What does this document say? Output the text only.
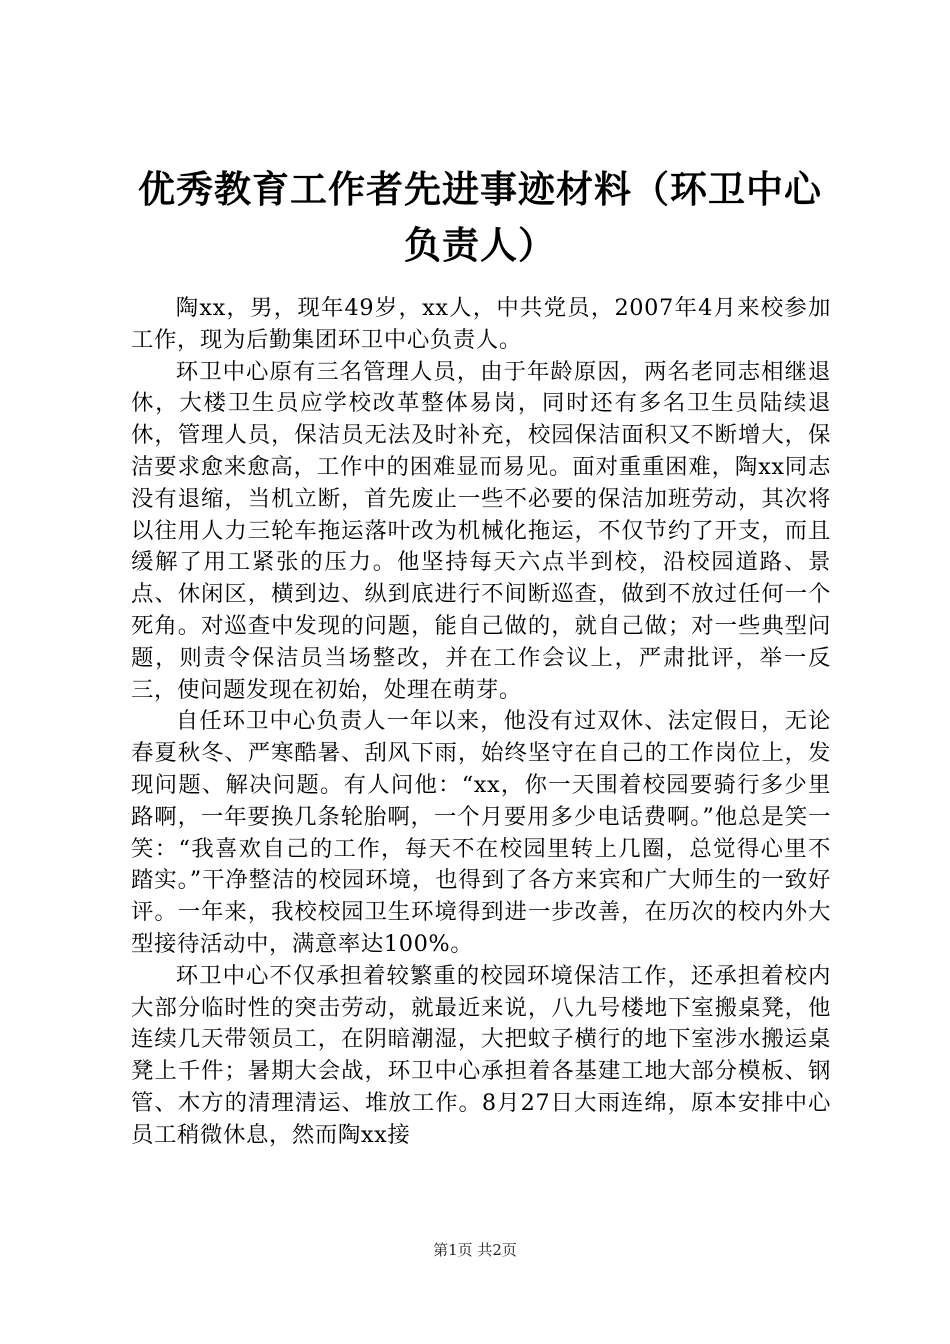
优秀教育工作者先进事迹材料（环卫中心负责人）

陶xx，男，现年49岁，xx人，中共党员，2007年4月来校参加工作，现为后勤集团环卫中心负责人。

环卫中心原有三名管理人员，由于年龄原因，两名老同志相继退休，大楼卫生员应学校改革整体易岗，同时还有多名卫生员陆续退休，管理人员，保洁员无法及时补充，校园保洁面积又不断增大，保洁要求愈来愈高，工作中的困难显而易见。面对重重困难，陶xx同志没有退缩，当机立断，首先废止一些不必要的保洁加班劳动，其次将以往用人力三轮车拖运落叶改为机械化拖运，不仅节约了开支，而且缓解了用工紧张的压力。他坚持每天六点半到校，沿校园道路、景点、休闲区，横到边、纵到底进行不间断巡查，做到不放过任何一个死角。对巡查中发现的问题，能自己做的，就自己做；对一些典型问题，则责令保洁员当场整改，并在工作会议上，严肃批评，举一反三，使问题发现在初始，处理在萌芽。

自任环卫中心负责人一年以来，他没有过双休、法定假日，无论春夏秋冬、严寒酷暑、刮风下雨，始终坚守在自己的工作岗位上，发现问题、解决问题。有人问他：“xx，你一天围着校园要骑行多少里路啊，一年要换几条轮胎啊，一个月要用多少电话费啊。”他总是笑一笑：“我喜欢自己的工作，每天不在校园里转上几圈，总觉得心里不踏实。”干净整洁的校园环境，也得到了各方来宾和广大师生的一致好评。一年来，我校校园卫生环境得到进一步改善，在历次的校内外大型接待活动中，满意率达100%。

环卫中心不仅承担着较繁重的校园环境保洁工作，还承担着校内大部分临时性的突击劳动，就最近来说，八九号楼地下室搬桌凳，他连续几天带领员工，在阴暗潮湿，大把蚊子横行的地下室涉水搬运桌凳上千件；暑期大会战，环卫中心承担着各基建工地大部分模板、钢管、木方的清理清运、堆放工作。8月27日大雨连绵，原本安排中心员工稍微休息，然而陶xx接

第1页 共2页
